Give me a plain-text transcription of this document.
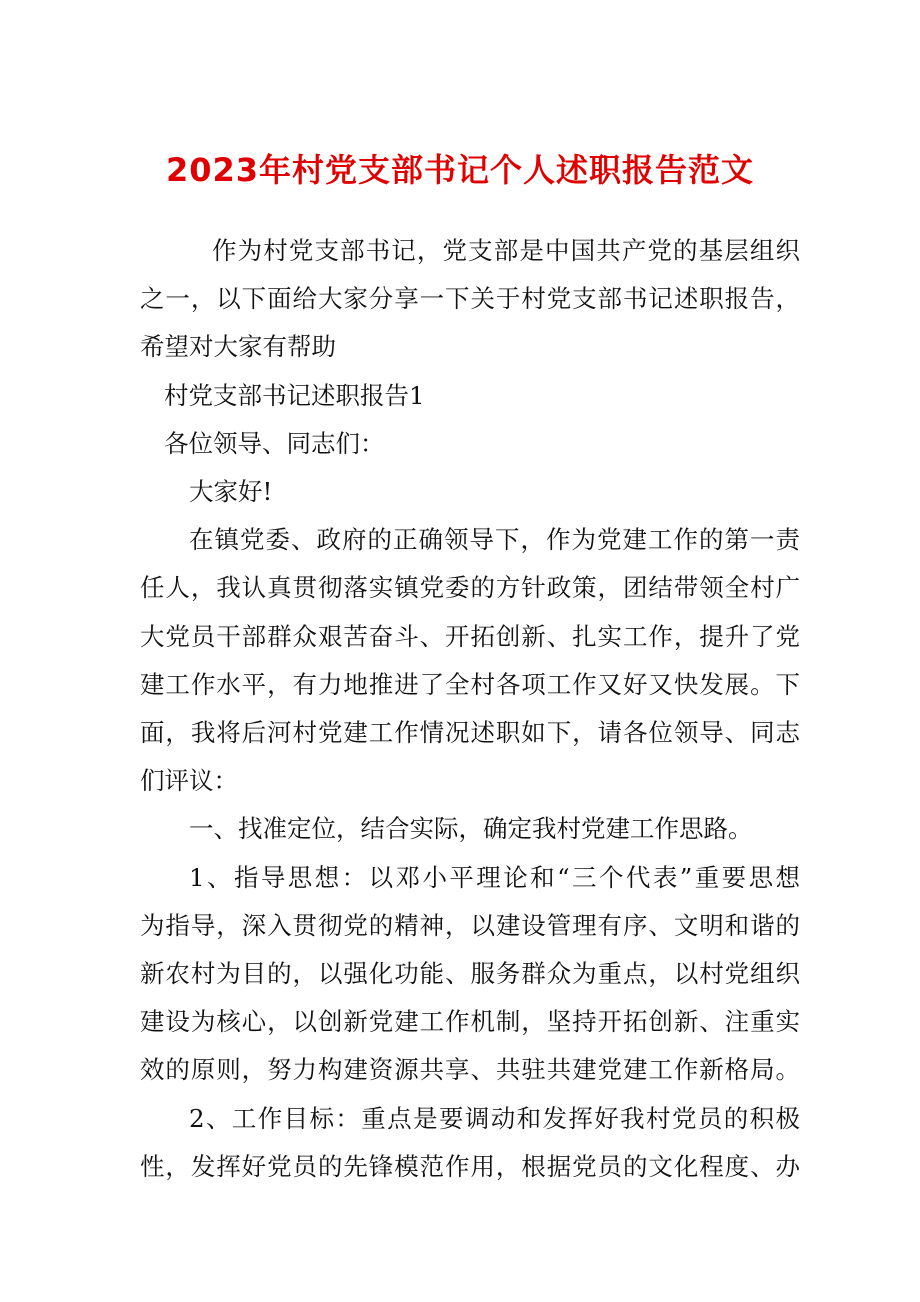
2023年村党支部书记个人述职报告范文

作为村党支部书记，党支部是中国共产党的基层组织

之一，以下面给大家分享一下关于村党支部书记述职报告，

希望对大家有帮助

村党支部书记述职报告1

各位领导、同志们：

大家好!

在镇党委、政府的正确领导下，作为党建工作的第一责

任人，我认真贯彻落实镇党委的方针政策，团结带领全村广

大党员干部群众艰苦奋斗、开拓创新、扎实工作，提升了党

建工作水平，有力地推进了全村各项工作又好又快发展。下

面，我将后河村党建工作情况述职如下，请各位领导、同志

们评议：

一、找准定位，结合实际，确定我村党建工作思路。

1、指导思想：以邓小平理论和“三个代表”重要思想

为指导，深入贯彻党的精神，以建设管理有序、文明和谐的

新农村为目的，以强化功能、服务群众为重点，以村党组织

建设为核心，以创新党建工作机制，坚持开拓创新、注重实

效的原则，努力构建资源共享、共驻共建党建工作新格局。

2、工作目标：重点是要调动和发挥好我村党员的积极

性，发挥好党员的先锋模范作用，根据党员的文化程度、办
